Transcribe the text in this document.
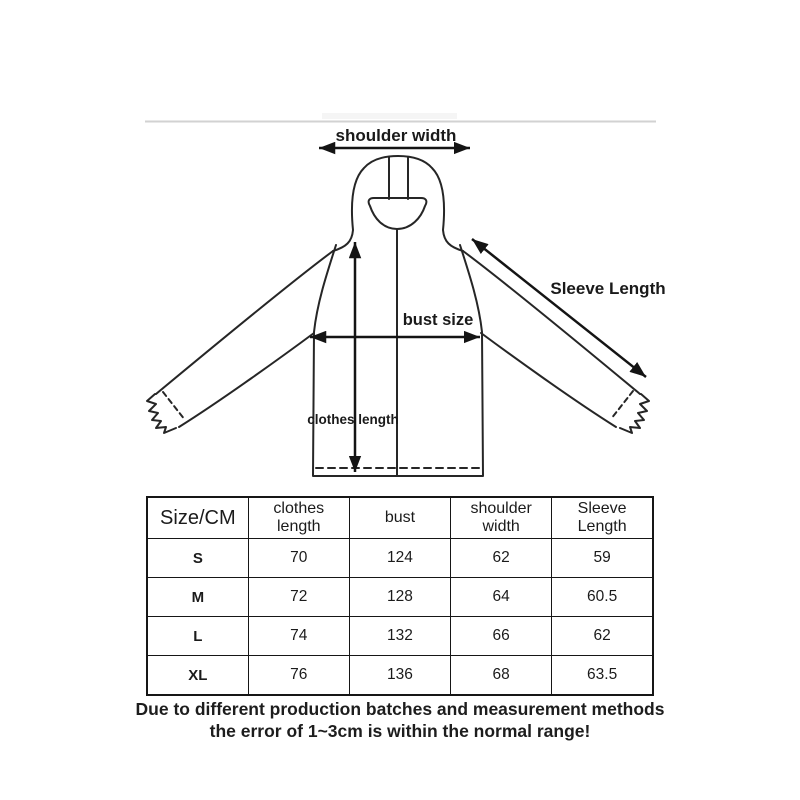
shoulder width
bust size
clothes length
Sleeve Length
Size/CM	clothes length	bust	shoulder width	Sleeve Length
S	70	124	62	59
M	72	128	64	60.5
L	74	132	66	62
XL	76	136	68	63.5
Due to different production batches and measurement methods the error of 1~3cm is within the normal range!
